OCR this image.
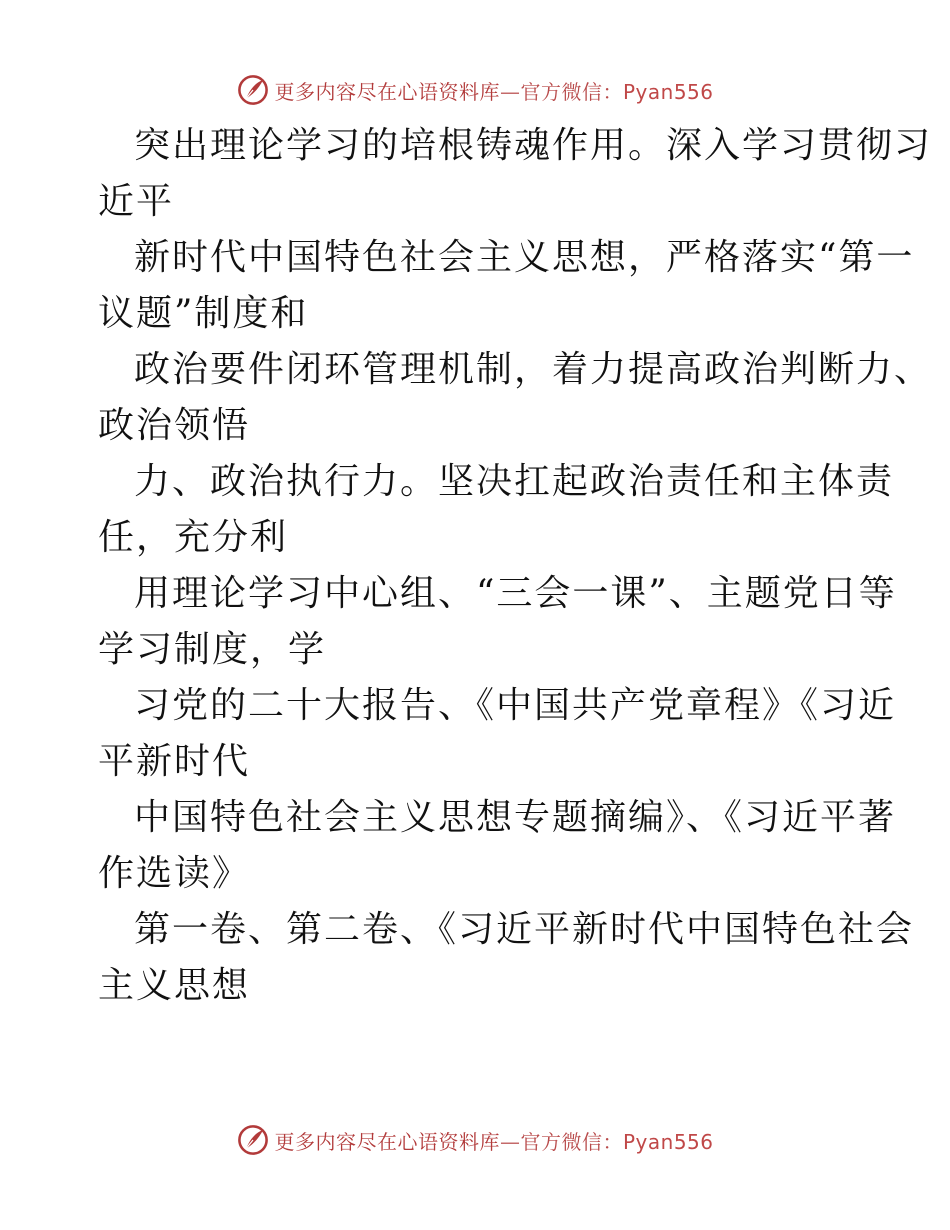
更多内容尽在心语资料库—官方微信：Pyan556

突出理论学习的培根铸魂作用。深入学习贯彻习
近平

新时代中国特色社会主义思想，严格落实“第一
议题”制度和

政治要件闭环管理机制，着力提高政治判断力、
政治领悟

力、政治执行力。坚决扛起政治责任和主体责
任，充分利

用理论学习中心组、“三会一课”、主题党日等
学习制度，学

习党的二十大报告、《中国共产党章程》《习近
平新时代

中国特色社会主义思想专题摘编》、《习近平著
作选读》

第一卷、第二卷、《习近平新时代中国特色社会
主义思想

更多内容尽在心语资料库—官方微信：Pyan556
